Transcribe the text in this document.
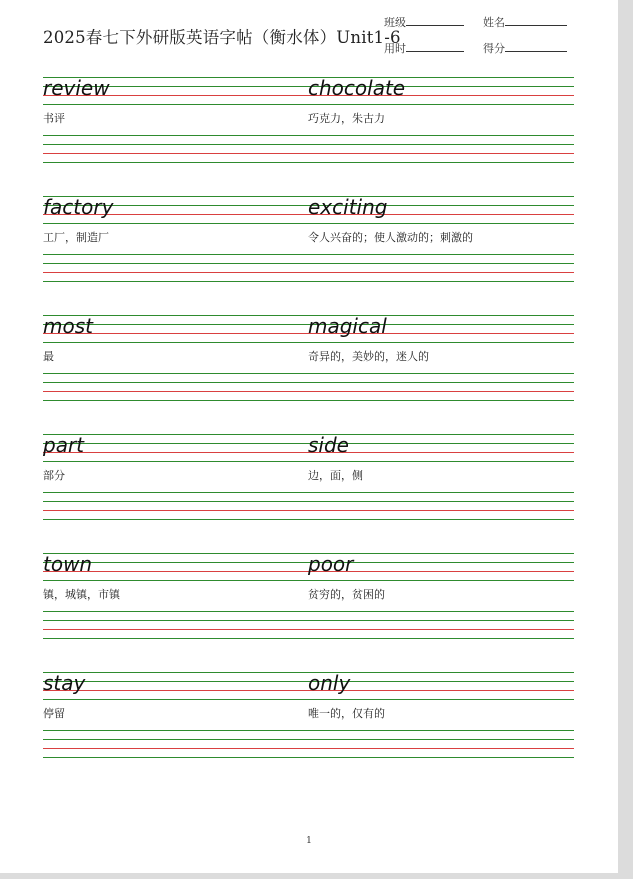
2025春七下外研版英语字帖（衡水体）Unit1-6
班级	姓名
用时	得分
review
书评
chocolate
巧克力，朱古力
factory
工厂，制造厂
exciting
令人兴奋的；使人激动的；刺激的
most
最
magical
奇异的，美妙的，迷人的
part
部分
side
边，面，侧
town
镇，城镇，市镇
poor
贫穷的，贫困的
stay
停留
only
唯一的，仅有的
1
